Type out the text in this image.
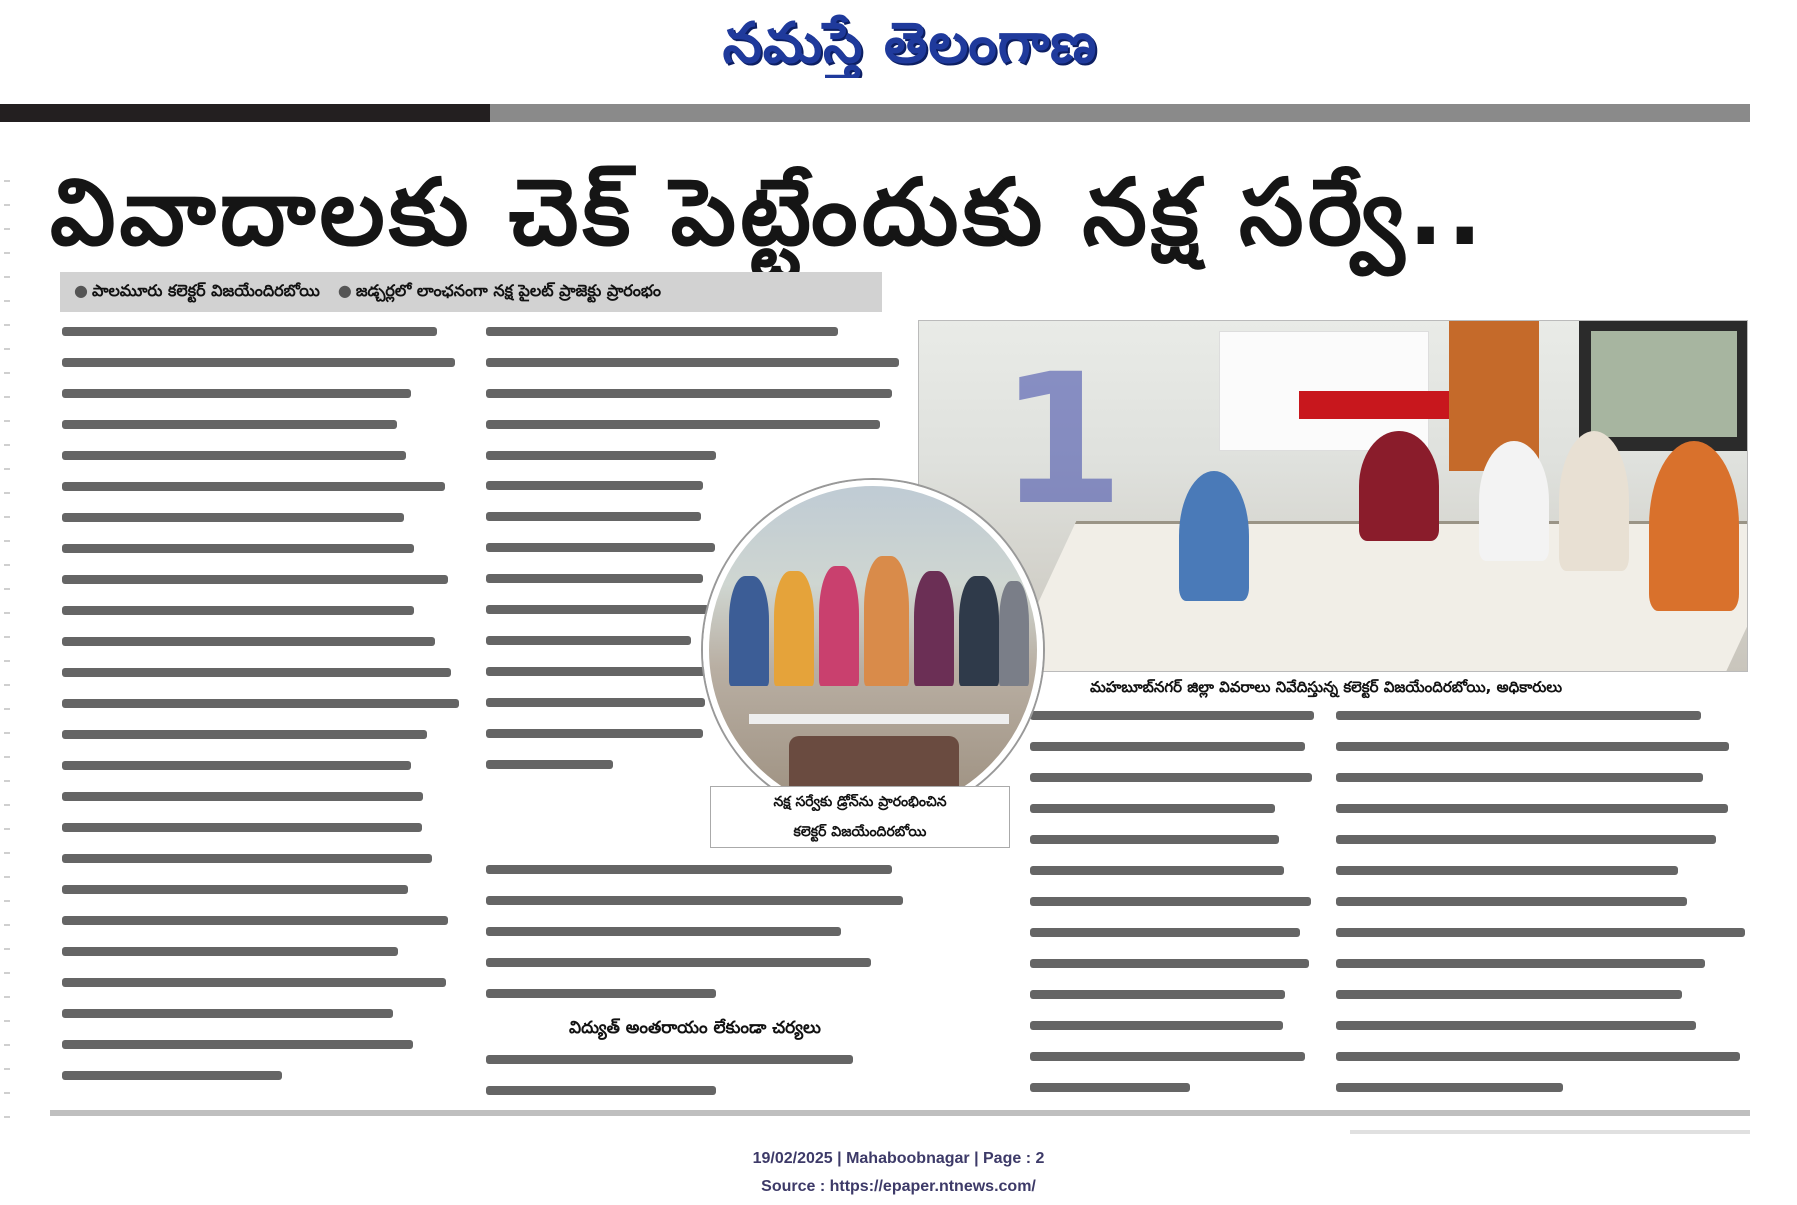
నమస్తే తెలంగాణ
వివాదాలకు చెక్ పెట్టేందుకు నక్ష సర్వే..
● పాలమూరు కలెక్టర్ విజయేందిరబోయి ● జడ్చర్లలో లాంఛనంగా నక్ష పైలట్ ప్రాజెక్టు ప్రారంభం
1
మహబూబ్‌నగర్ జిల్లా వివరాలు నివేదిస్తున్న కలెక్టర్ విజయేందిరబోయి, అధికారులు
నక్ష సర్వేకు డ్రోన్‌ను ప్రారంభించిన
కలెక్టర్ విజయేందిరబోయి
విద్యుత్ అంతరాయం లేకుండా చర్యలు
19/02/2025 | Mahaboobnagar | Page : 2
Source : https://epaper.ntnews.com/
